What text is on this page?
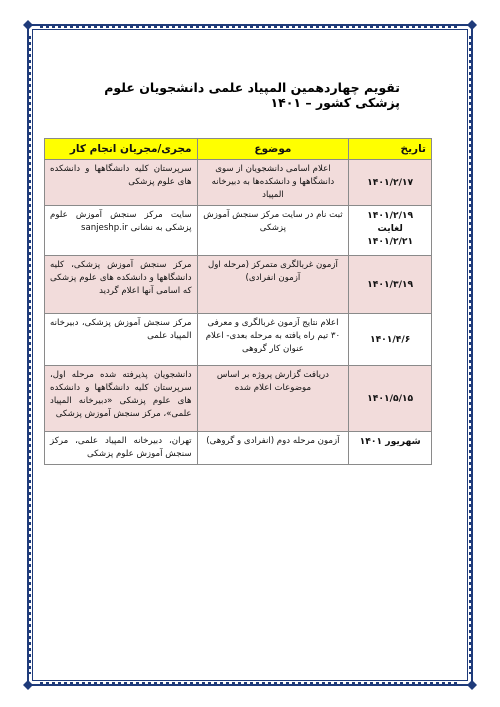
تقویم چهاردهمین المپیاد علمی دانشجویان علوم پزشکی کشور – ۱۴۰۱
تاریخ	موضوع	مجری/مجریان انجام کار
۱۴۰۱/۲/۱۷	اعلام اسامی دانشجویان از سوی دانشگاهها و دانشکده‌ها به دبیرخانه المپیاد	سرپرستان کلیه دانشگاهها و دانشکده های علوم پزشکی
۱۴۰۱/۲/۱۹ لغایت ۱۴۰۱/۲/۲۱	ثبت نام در سایت مرکز سنجش آموزش پزشکی	سایت مرکز سنجش آموزش علوم پزشکی به نشانی sanjeshp.ir
۱۴۰۱/۳/۱۹	آزمون غربالگری متمرکز (مرحله اول آزمون انفرادی)	مرکز سنجش آموزش پزشکی، کلیه دانشگاهها و دانشکده های علوم پزشکی که اسامی آنها اعلام گردید
۱۴۰۱/۴/۶	اعلام نتایج آزمون غربالگری و معرفی ۳۰ تیم راه یافته به مرحله بعدی- اعلام عنوان کار گروهی	مرکز سنجش آموزش پزشکی، دبیرخانه المپیاد علمی
۱۴۰۱/۵/۱۵	دریافت گزارش پروژه بر اساس موضوعات اعلام شده	دانشجویان پذیرفته شده مرحله اول، سرپرستان کلیه دانشگاهها و دانشکده های علوم پزشکی «دبیرخانه المپیاد علمی»، مرکز سنجش آموزش پزشکی
شهریور ۱۴۰۱	آزمون مرحله دوم (انفرادی و گروهی)	تهران، دبیرخانه المپیاد علمی، مرکز سنجش آموزش علوم پزشکی
